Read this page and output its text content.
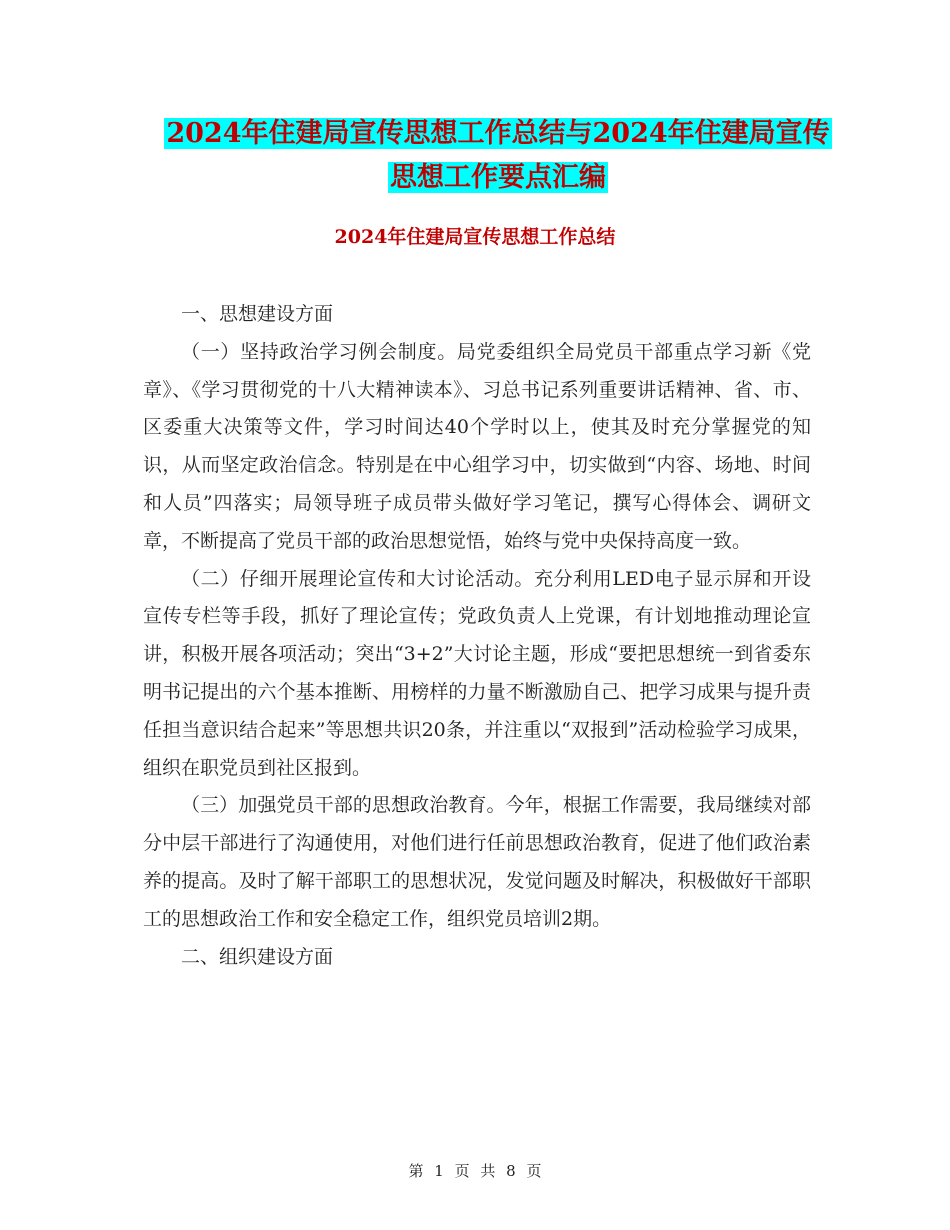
2024年住建局宣传思想工作总结与2024年住建局宣传
思想工作要点汇编
2024年住建局宣传思想工作总结

一、思想建设方面

（一）坚持政治学习例会制度。局党委组织全局党员干部重点学习新《党章》、《学习贯彻党的十八大精神读本》、习总书记系列重要讲话精神、省、市、区委重大决策等文件，学习时间达40个学时以上，使其及时充分掌握党的知识，从而坚定政治信念。特别是在中心组学习中，切实做到“内容、场地、时间和人员”四落实；局领导班子成员带头做好学习笔记，撰写心得体会、调研文章，不断提高了党员干部的政治思想觉悟，始终与党中央保持高度一致。

（二）仔细开展理论宣传和大讨论活动。充分利用LED电子显示屏和开设宣传专栏等手段，抓好了理论宣传；党政负责人上党课，有计划地推动理论宣讲，积极开展各项活动；突出“3+2”大讨论主题，形成“要把思想统一到省委东明书记提出的六个基本推断、用榜样的力量不断激励自己、把学习成果与提升责任担当意识结合起来”等思想共识20条，并注重以“双报到”活动检验学习成果，组织在职党员到社区报到。

（三）加强党员干部的思想政治教育。今年，根据工作需要，我局继续对部分中层干部进行了沟通使用，对他们进行任前思想政治教育，促进了他们政治素养的提高。及时了解干部职工的思想状况，发觉问题及时解决，积极做好干部职工的思想政治工作和安全稳定工作，组织党员培训2期。

二、组织建设方面

第 1 页 共 8 页
